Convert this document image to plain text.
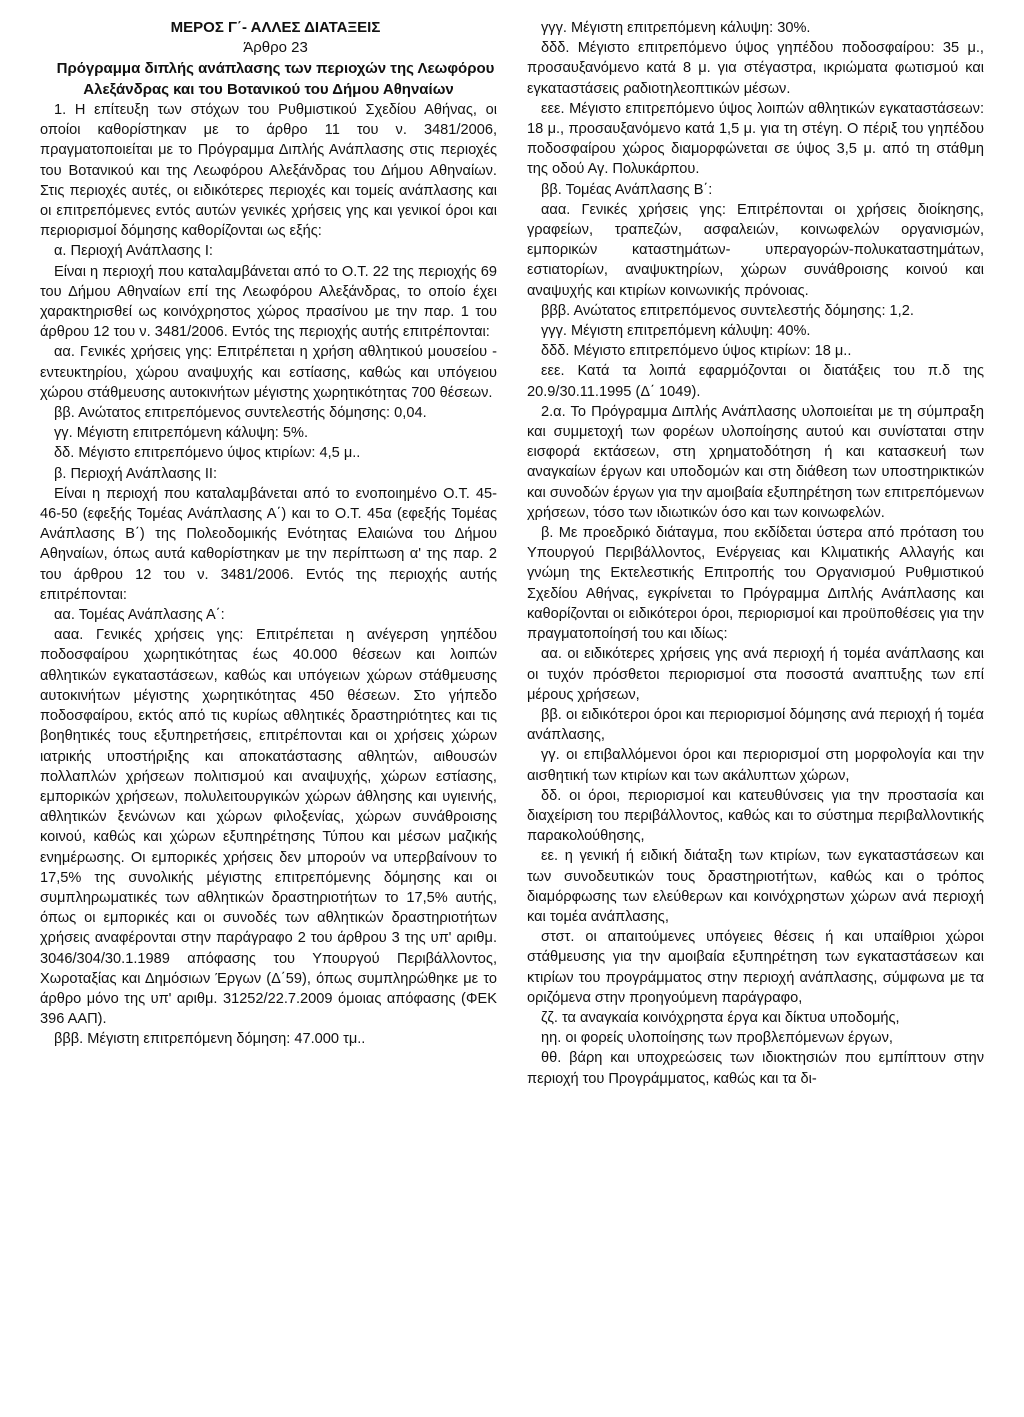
ΜΕΡΟΣ Γ΄- ΑΛΛΕΣ ΔΙΑΤΑΞΕΙΣ

Άρθρο 23

Πρόγραμμα διπλής ανάπλασης των περιοχών της Λεωφόρου Αλεξάνδρας και του Βοτανικού του Δήμου Αθηναίων

1. Η επίτευξη των στόχων του Ρυθμιστικού Σχεδίου Αθήνας, οι οποίοι καθορίστηκαν με το άρθρο 11 του ν. 3481/2006, πραγματοποιείται με το Πρόγραμμα Διπλής Ανάπλασης στις περιοχές του Βοτανικού και της Λεωφόρου Αλεξάνδρας του Δήμου Αθηναίων. Στις περιοχές αυτές, οι ειδικότερες περιοχές και τομείς ανάπλασης και οι επιτρεπόμενες εντός αυτών γενικές χρήσεις γης και γενικοί όροι και περιορισμοί δόμησης καθορίζονται ως εξής:

α. Περιοχή Ανάπλασης Ι:

Είναι η περιοχή που καταλαμβάνεται από το Ο.Τ. 22 της περιοχής 69 του Δήμου Αθηναίων επί της Λεωφόρου Αλεξάνδρας, το οποίο έχει χαρακτηρισθεί ως κοινόχρηστος χώρος πρασίνου με την παρ. 1 του άρθρου 12 του ν. 3481/2006. Εντός της περιοχής αυτής επιτρέπονται:

αα. Γενικές χρήσεις γης: Επιτρέπεται η χρήση αθλητικού μουσείου - εντευκτηρίου, χώρου αναψυχής και εστίασης, καθώς και υπόγειου χώρου στάθμευσης αυτοκινήτων μέγιστης χωρητικότητας 700 θέσεων.

ββ. Ανώτατος επιτρεπόμενος συντελεστής δόμησης: 0,04.

γγ. Μέγιστη επιτρεπόμενη κάλυψη: 5%.

δδ. Μέγιστο επιτρεπόμενο ύψος κτιρίων: 4,5 μ..

β. Περιοχή Ανάπλασης ΙΙ:

Είναι η περιοχή που καταλαμβάνεται από το ενοποιημένο Ο.Τ. 45-46-50 (εφεξής Τομέας Ανάπλασης Α΄) και το Ο.Τ. 45α (εφεξής Τομέας Ανάπλασης Β΄) της Πολεοδομικής Ενότητας Ελαιώνα του Δήμου Αθηναίων, όπως αυτά καθορίστηκαν με την περίπτωση α' της παρ. 2 του άρθρου 12 του ν. 3481/2006. Εντός της περιοχής αυτής επιτρέπονται:

αα. Τομέας Ανάπλασης Α΄:

ααα. Γενικές χρήσεις γης: Επιτρέπεται η ανέγερση γηπέδου ποδοσφαίρου χωρητικότητας έως 40.000 θέσεων και λοιπών αθλητικών εγκαταστάσεων, καθώς και υπόγειων χώρων στάθμευσης αυτοκινήτων μέγιστης χωρητικότητας 450 θέσεων. Στο γήπεδο ποδοσφαίρου, εκτός από τις κυρίως αθλητικές δραστηριότητες και τις βοηθητικές τους εξυπηρετήσεις, επιτρέπονται και οι χρήσεις χώρων ιατρικής υποστήριξης και αποκατάστασης αθλητών, αιθουσών πολλαπλών χρήσεων πολιτισμού και αναψυχής, χώρων εστίασης, εμπορικών χρήσεων, πολυλειτουργικών χώρων άθλησης και υγιεινής, αθλητικών ξενώνων και χώρων φιλοξενίας, χώρων συνάθροισης κοινού, καθώς και χώρων εξυπηρέτησης Τύπου και μέσων μαζικής ενημέρωσης. Οι εμπορικές χρήσεις δεν μπορούν να υπερβαίνουν το 17,5% της συνολικής μέγιστης επιτρεπόμενης δόμησης και οι συμπληρωματικές των αθλητικών δραστηριοτήτων το 17,5% αυτής, όπως οι εμπορικές και οι συνοδές των αθλητικών δραστηριοτήτων χρήσεις αναφέρονται στην παράγραφο 2 του άρθρου 3 της υπ' αριθμ. 3046/304/30.1.1989 απόφασης του Υπουργού Περιβάλλοντος, Χωροταξίας και Δημόσιων Έργων (Δ΄59), όπως συμπληρώθηκε με το άρθρο μόνο της υπ' αριθμ. 31252/22.7.2009 όμοιας απόφασης (ΦΕΚ 396 ΑΑΠ).

βββ. Μέγιστη επιτρεπόμενη δόμηση: 47.000 τμ..

γγγ. Μέγιστη επιτρεπόμενη κάλυψη: 30%.

δδδ. Μέγιστο επιτρεπόμενο ύψος γηπέδου ποδοσφαίρου: 35 μ., προσαυξανόμενο κατά 8 μ. για στέγαστρα, ικριώματα φωτισμού και εγκαταστάσεις ραδιοτηλεοπτικών μέσων.

εεε. Μέγιστο επιτρεπόμενο ύψος λοιπών αθλητικών εγκαταστάσεων: 18 μ., προσαυξανόμενο κατά 1,5 μ. για τη στέγη. Ο πέριξ του γηπέδου ποδοσφαίρου χώρος διαμορφώνεται σε ύψος 3,5 μ. από τη στάθμη της οδού Αγ. Πολυκάρπου.

ββ. Τομέας Ανάπλασης Β΄:

ααα. Γενικές χρήσεις γης: Επιτρέπονται οι χρήσεις διοίκησης, γραφείων, τραπεζών, ασφαλειών, κοινωφελών οργανισμών, εμπορικών καταστημάτων- υπεραγορών-πολυκαταστημάτων, εστιατορίων, αναψυκτηρίων, χώρων συνάθροισης κοινού και αναψυχής και κτιρίων κοινωνικής πρόνοιας.

βββ. Ανώτατος επιτρεπόμενος συντελεστής δόμησης: 1,2.

γγγ. Μέγιστη επιτρεπόμενη κάλυψη: 40%.

δδδ. Μέγιστο επιτρεπόμενο ύψος κτιρίων: 18 μ..

εεε. Κατά τα λοιπά εφαρμόζονται οι διατάξεις του π.δ της 20.9/30.11.1995 (Δ΄ 1049).

2.α. Το Πρόγραμμα Διπλής Ανάπλασης υλοποιείται με τη σύμπραξη και συμμετοχή των φορέων υλοποίησης αυτού και συνίσταται στην εισφορά εκτάσεων, στη χρηματοδότηση ή και κατασκευή των αναγκαίων έργων και υποδομών και στη διάθεση των υποστηρικτικών και συνοδών έργων για την αμοιβαία εξυπηρέτηση των επιτρεπόμενων χρήσεων, τόσο των ιδιωτικών όσο και των κοινωφελών.

β. Με προεδρικό διάταγμα, που εκδίδεται ύστερα από πρόταση του Υπουργού Περιβάλλοντος, Ενέργειας και Κλιματικής Αλλαγής και γνώμη της Εκτελεστικής Επιτροπής του Οργανισμού Ρυθμιστικού Σχεδίου Αθήνας, εγκρίνεται το Πρόγραμμα Διπλής Ανάπλασης και καθορίζονται οι ειδικότεροι όροι, περιορισμοί και προϋποθέσεις για την πραγματοποίησή του και ιδίως:

αα. οι ειδικότερες χρήσεις γης ανά περιοχή ή τομέα ανάπλασης και οι τυχόν πρόσθετοι περιορισμοί στα ποσοστά αναπτυξης των επί μέρους χρήσεων,

ββ. οι ειδικότεροι όροι και περιορισμοί δόμησης ανά περιοχή ή τομέα ανάπλασης,

γγ. οι επιβαλλόμενοι όροι και περιορισμοί στη μορφολογία και την αισθητική των κτιρίων και των ακάλυπτων χώρων,

δδ. οι όροι, περιορισμοί και κατευθύνσεις για την προστασία και διαχείριση του περιβάλλοντος, καθώς και το σύστημα περιβαλλοντικής παρακολούθησης,

εε. η γενική ή ειδική διάταξη των κτιρίων, των εγκαταστάσεων και των συνοδευτικών τους δραστηριοτήτων, καθώς και ο τρόπος διαμόρφωσης των ελεύθερων και κοινόχρηστων χώρων ανά περιοχή και τομέα ανάπλασης,

στστ. οι απαιτούμενες υπόγειες θέσεις ή και υπαίθριοι χώροι στάθμευσης για την αμοιβαία εξυπηρέτηση των εγκαταστάσεων και κτιρίων του προγράμματος στην περιοχή ανάπλασης, σύμφωνα με τα οριζόμενα στην προηγούμενη παράγραφο,

ζζ. τα αναγκαία κοινόχρηστα έργα και δίκτυα υποδομής,

ηη. οι φορείς υλοποίησης των προβλεπόμενων έργων,

θθ. βάρη και υποχρεώσεις των ιδιοκτησιών που εμπίπτουν στην περιοχή του Προγράμματος, καθώς και τα δι-
